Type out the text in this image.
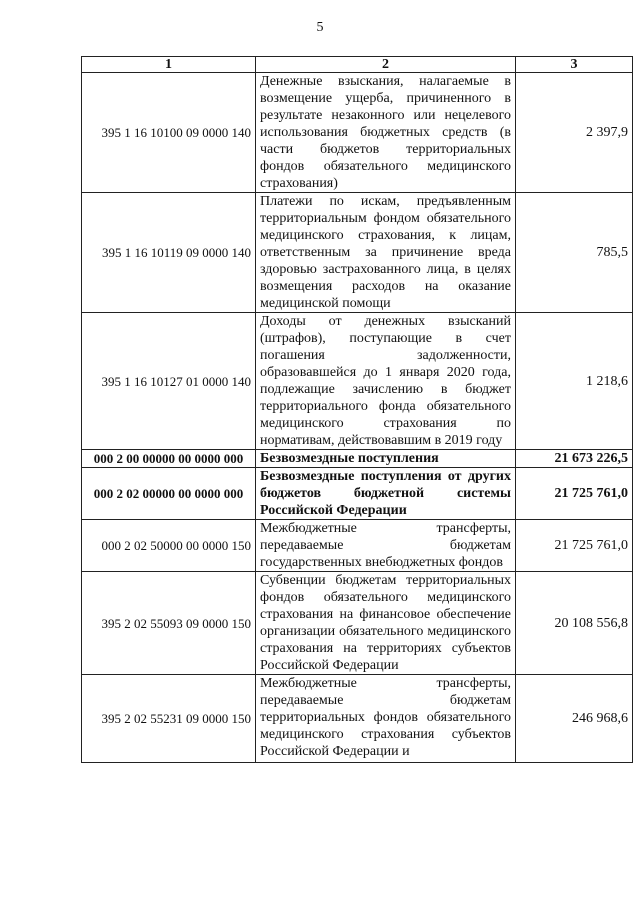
5
1	2	3
395 1 16 10100 09 0000 140	Денежные взыскания, налагаемые в возмещение ущерба, причиненного в результате незаконного или нецелевого использования бюджетных средств (в части бюджетов территориальных фондов обязательного медицинского страхования)	2 397,9
395 1 16 10119 09 0000 140	Платежи по искам, предъявленным территориальным фондом обязательного медицинского страхования, к лицам, ответственным за причинение вреда здоровью застрахованного лица, в целях возмещения расходов на оказание медицинской помощи	785,5
395 1 16 10127 01 0000 140	Доходы от денежных взысканий (штрафов), поступающие в счет погашения задолженности, образовавшейся до 1 января 2020 года, подлежащие зачислению в бюджет территориального фонда обязательного медицинского страхования по нормативам, действовавшим в 2019 году	1 218,6
000 2 00 00000 00 0000 000	Безвозмездные поступления	21 673 226,5
000 2 02 00000 00 0000 000	Безвозмездные поступления от других бюджетов бюджетной системы Российской Федерации	21 725 761,0
000 2 02 50000 00 0000 150	Межбюджетные трансферты, передаваемые бюджетам государственных внебюджетных фондов	21 725 761,0
395 2 02 55093 09 0000 150	Субвенции бюджетам территориальных фондов обязательного медицинского страхования на финансовое обеспечение организации обязательного медицинского страхования на территориях субъектов Российской Федерации	20 108 556,8
395 2 02 55231 09 0000 150	Межбюджетные трансферты, передаваемые бюджетам территориальных фондов обязательного медицинского страхования субъектов Российской Федерации и	246 968,6
